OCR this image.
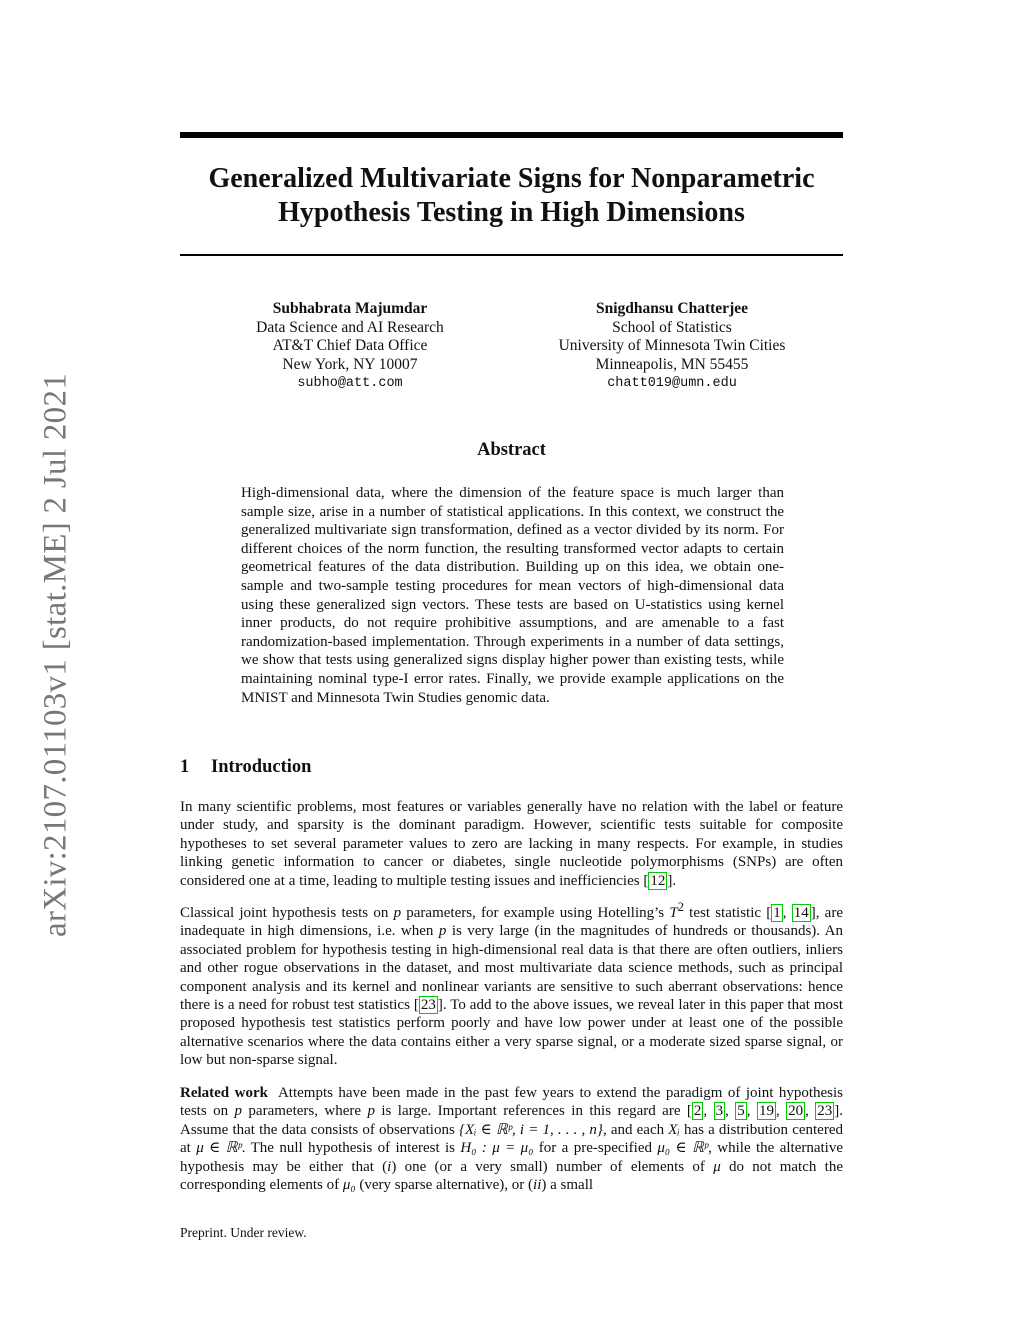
arXiv:2107.01103v1 [stat.ME] 2 Jul 2021
Generalized Multivariate Signs for Nonparametric
Hypothesis Testing in High Dimensions
Subhabrata Majumdar
Data Science and AI Research
AT&T Chief Data Office
New York, NY 10007
subho@att.com
Snigdhansu Chatterjee
School of Statistics
University of Minnesota Twin Cities
Minneapolis, MN 55455
chatt019@umn.edu
Abstract

High-dimensional data, where the dimension of the feature space is much larger than sample size, arise in a number of statistical applications. In this context, we construct the generalized multivariate sign transformation, defined as a vector divided by its norm. For different choices of the norm function, the resulting transformed vector adapts to certain geometrical features of the data distribution. Building up on this idea, we obtain one-sample and two-sample testing procedures for mean vectors of high-dimensional data using these generalized sign vectors. These tests are based on U-statistics using kernel inner products, do not require prohibitive assumptions, and are amenable to a fast randomization-based implementation. Through experiments in a number of data settings, we show that tests using generalized signs display higher power than existing tests, while maintaining nominal type-I error rates. Finally, we provide example applications on the MNIST and Minnesota Twin Studies genomic data.

1 Introduction

In many scientific problems, most features or variables generally have no relation with the label or feature under study, and sparsity is the dominant paradigm. However, scientific tests suitable for composite hypotheses to set several parameter values to zero are lacking in many respects. For example, in studies linking genetic information to cancer or diabetes, single nucleotide polymorphisms (SNPs) are often considered one at a time, leading to multiple testing issues and inefficiencies [ 12 ].

Classical joint hypothesis tests on p parameters, for example using Hotelling’s $T^2$ test statistic [ 1 , 14 ], are inadequate in high dimensions, i.e. when p is very large (in the magnitudes of hundreds or thousands). An associated problem for hypothesis testing in high-dimensional real data is that there are often outliers, inliers and other rogue observations in the dataset, and most multivariate data science methods, such as principal component analysis and its kernel and nonlinear variants are sensitive to such aberrant observations: hence there is a need for robust test statistics [ 23 ]. To add to the above issues, we reveal later in this paper that most proposed hypothesis test statistics perform poorly and have low power under at least one of the possible alternative scenarios where the data contains either a very sparse signal, or a moderate sized sparse signal, or low but non-sparse signal.

Related work Attempts have been made in the past few years to extend the paradigm of joint hypothesis tests on p parameters, where p is large. Important references in this regard are [ 2 , 3 , 5 , 19 , 20 , 23 ]. Assume that the data consists of observations {Xᵢ ∈ ℝᵖ, i = 1, . . . , n}, and each Xᵢ has a distribution centered at μ ∈ ℝᵖ. The null hypothesis of interest is H₀ : μ = μ₀ for a pre-specified μ₀ ∈ ℝᵖ, while the alternative hypothesis may be either that (i) one (or a very small) number of elements of μ do not match the corresponding elements of μ₀ (very sparse alternative), or (ii) a small

Preprint. Under review.
